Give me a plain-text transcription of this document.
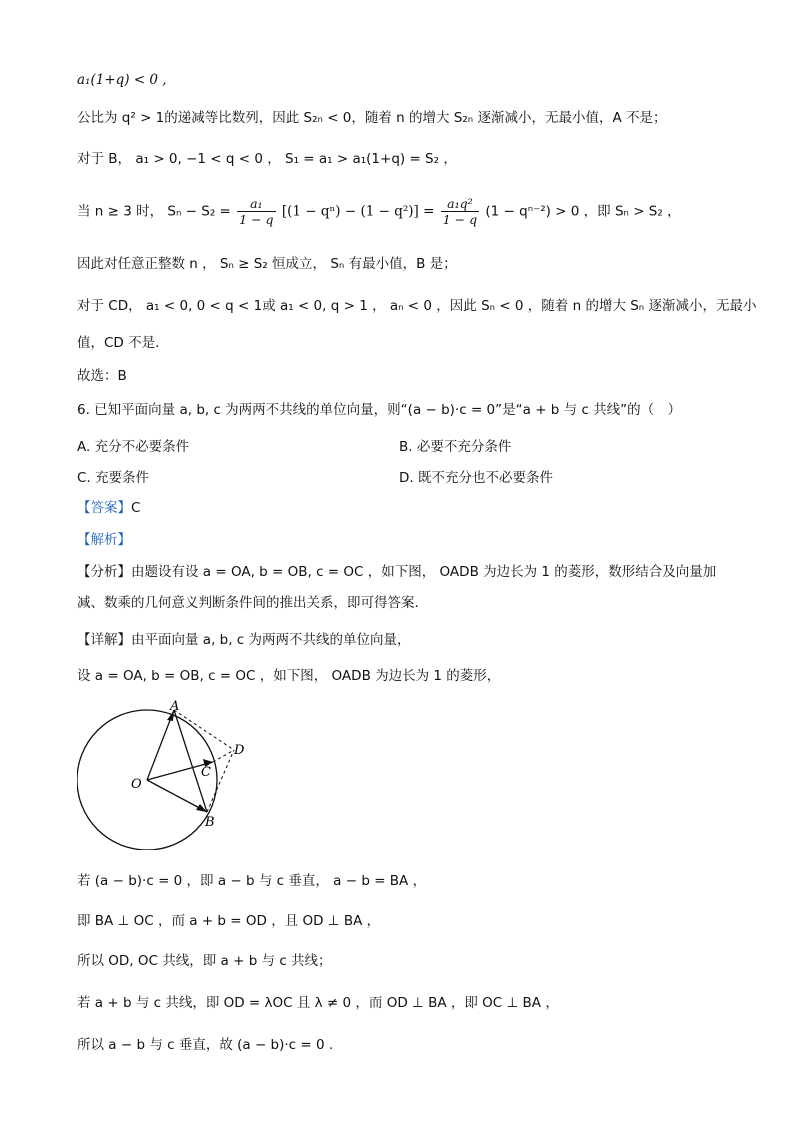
a₁(1+q) < 0 ,
公比为 q² > 1的递减等比数列，因此 S₂ₙ < 0，随着 n 的增大 S₂ₙ 逐渐减小，无最小值，A 不是；
对于 B， a₁ > 0, −1 < q < 0 ， S₁ = a₁ > a₁(1+q) = S₂ ，
当 n ≥ 3 时， $S_n - S_2 = \frac{\text{a₁}}{1 - q} [(1 - q^n) - (1 - q^2)] = \frac{\text{a₁q²}}{1 - q} (1 - q^{n-2}) > 0$ ，即 Sₙ > S₂ ，
因此对任意正整数 n ， Sₙ ≥ S₂ 恒成立， Sₙ 有最小值，B 是；
对于 CD， a₁ < 0, 0 < q < 1或 a₁ < 0, q > 1 ， aₙ < 0 ，因此 Sₙ < 0 ，随着 n 的增大 Sₙ 逐渐减小，无最小
值，CD 不是.
故选：B
6. 已知平面向量 a, b, c 为两两不共线的单位向量，则“(a − b)·c = 0”是“a + b 与 c 共线”的（　）
A. 充分不必要条件	B. 必要不充分条件
C. 充要条件	D. 既不充分也不必要条件
【答案】C
【解析】
【分析】由题设有设 a = OA, b = OB, c = OC ，如下图， OADB 为边长为 1 的菱形，数形结合及向量加
减、数乘的几何意义判断条件间的推出关系，即可得答案.
【详解】由平面向量 a, b, c 为两两不共线的单位向量，
设 a = OA, b = OB, c = OC ，如下图， OADB 为边长为 1 的菱形，
A
B
C
D
O
若 (a − b)·c = 0 ，即 a − b 与 c 垂直， a − b = BA ，
即 BA ⊥ OC ，而 a + b = OD ，且 OD ⊥ BA ，
所以 OD, OC 共线，即 a + b 与 c 共线；
若 a + b 与 c 共线，即 OD = λOC 且 λ ≠ 0 ，而 OD ⊥ BA ，即 OC ⊥ BA ，
所以 a − b 与 c 垂直，故 (a − b)·c = 0 .
